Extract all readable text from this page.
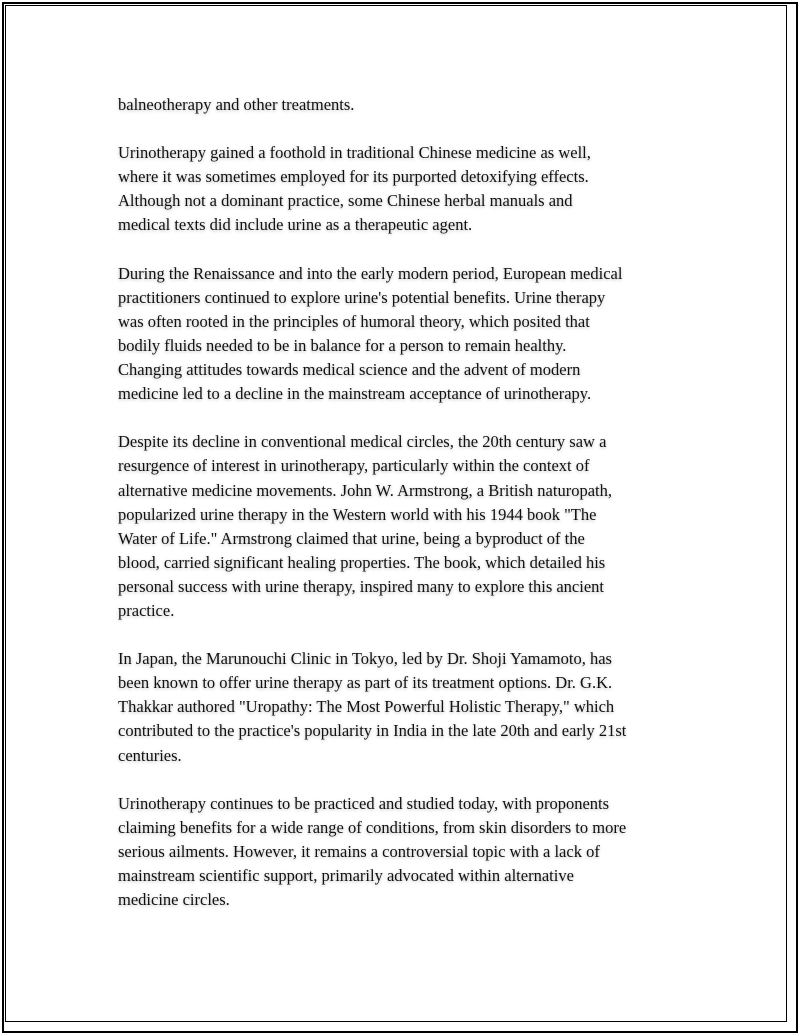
balneotherapy and other treatments.

Urinotherapy gained a foothold in traditional Chinese medicine as well,
where it was sometimes employed for its purported detoxifying effects.
Although not a dominant practice, some Chinese herbal manuals and
medical texts did include urine as a therapeutic agent.

During the Renaissance and into the early modern period, European medical
practitioners continued to explore urine's potential benefits. Urine therapy
was often rooted in the principles of humoral theory, which posited that
bodily fluids needed to be in balance for a person to remain healthy.
Changing attitudes towards medical science and the advent of modern
medicine led to a decline in the mainstream acceptance of urinotherapy.

Despite its decline in conventional medical circles, the 20th century saw a
resurgence of interest in urinotherapy, particularly within the context of
alternative medicine movements. John W. Armstrong, a British naturopath,
popularized urine therapy in the Western world with his 1944 book "The
Water of Life." Armstrong claimed that urine, being a byproduct of the
blood, carried significant healing properties. The book, which detailed his
personal success with urine therapy, inspired many to explore this ancient
practice.

In Japan, the Marunouchi Clinic in Tokyo, led by Dr. Shoji Yamamoto, has
been known to offer urine therapy as part of its treatment options. Dr. G.K.
Thakkar authored "Uropathy: The Most Powerful Holistic Therapy," which
contributed to the practice's popularity in India in the late 20th and early 21st
centuries.

Urinotherapy continues to be practiced and studied today, with proponents
claiming benefits for a wide range of conditions, from skin disorders to more
serious ailments. However, it remains a controversial topic with a lack of
mainstream scientific support, primarily advocated within alternative
medicine circles.
